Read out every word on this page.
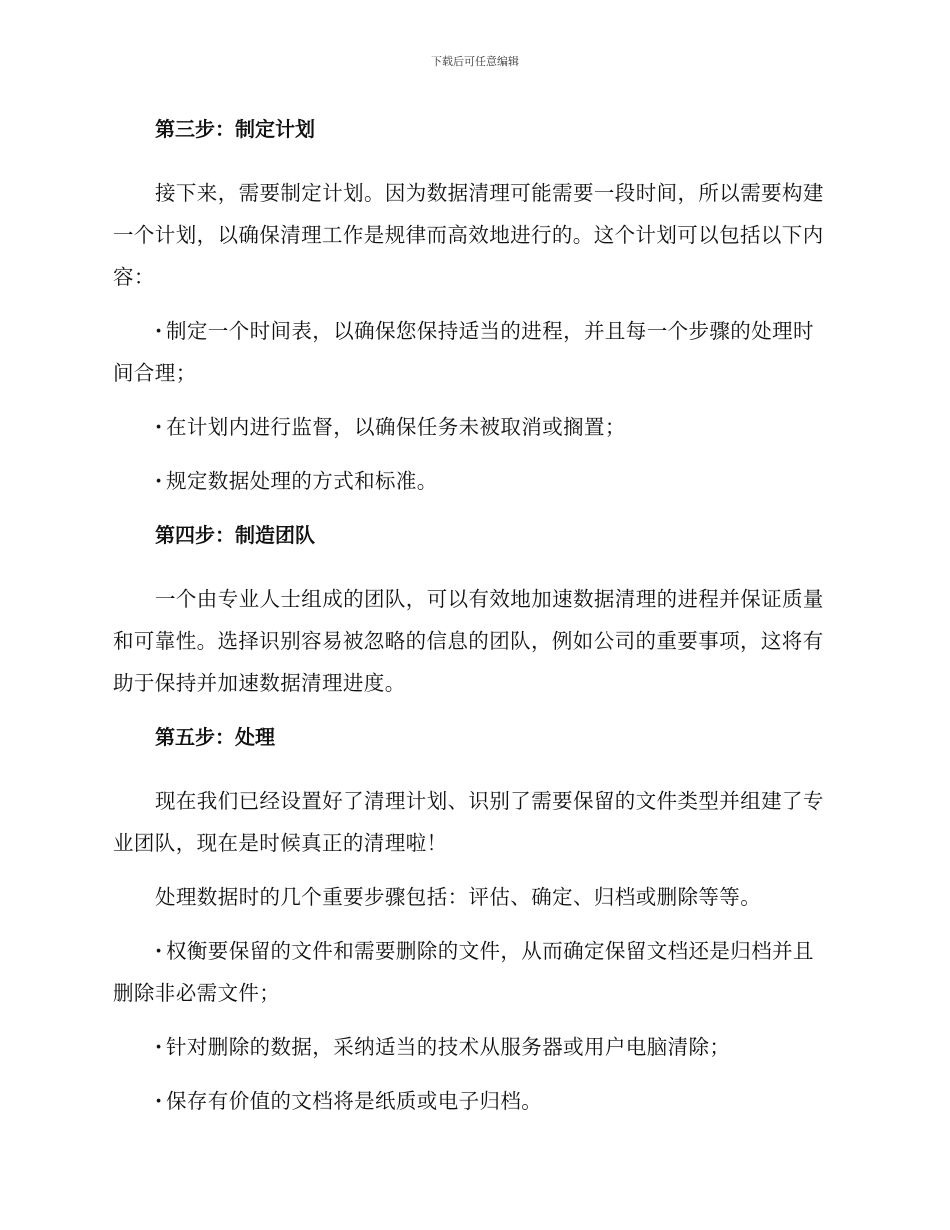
下载后可任意编辑
第三步：制定计划

接下来，需要制定计划。因为数据清理可能需要一段时间，所以需要构建一个计划，以确保清理工作是规律而高效地进行的。这个计划可以包括以下内容：

· 制定一个时间表，以确保您保持适当的进程，并且每一个步骤的处理时间合理；

· 在计划内进行监督，以确保任务未被取消或搁置；

· 规定数据处理的方式和标准。

第四步：制造团队

一个由专业人士组成的团队，可以有效地加速数据清理的进程并保证质量和可靠性。选择识别容易被忽略的信息的团队，例如公司的重要事项，这将有助于保持并加速数据清理进度。

第五步：处理

现在我们已经设置好了清理计划、识别了需要保留的文件类型并组建了专业团队，现在是时候真正的清理啦！

处理数据时的几个重要步骤包括：评估、确定、归档或删除等等。

· 权衡要保留的文件和需要删除的文件，从而确定保留文档还是归档并且删除非必需文件；

· 针对删除的数据，采纳适当的技术从服务器或用户电脑清除；

· 保存有价值的文档将是纸质或电子归档。
